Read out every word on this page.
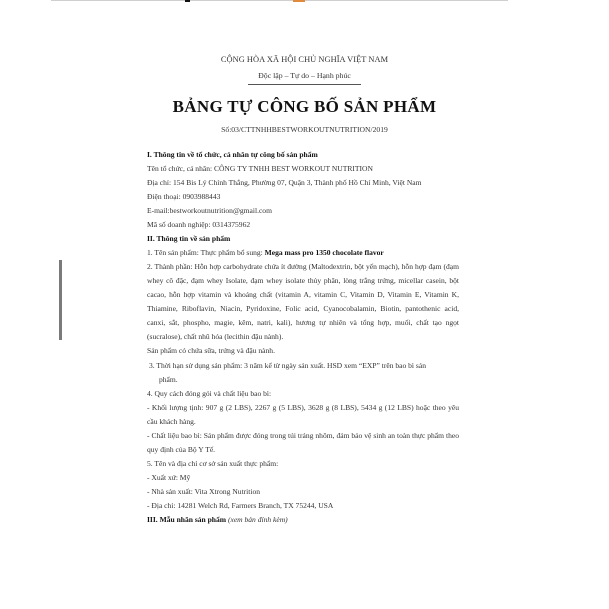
CỘNG HÒA XÃ HỘI CHỦ NGHĨA VIỆT NAM
Độc lập – Tự do – Hạnh phúc
BẢNG TỰ CÔNG BỐ SẢN PHẨM
Số:03/CTTNHHBESTWORKOUTNUTRITION/2019
I. Thông tin về tổ chức, cá nhân tự công bố sản phẩm
Tên tổ chức, cá nhân: CÔNG TY TNHH BEST WORKOUT NUTRITION
Địa chỉ: 154 Bis Lý Chính Thắng, Phường 07, Quận 3, Thành phố Hồ Chí Minh, Việt Nam
Điện thoại: 0903988443
E-mail:bestworkoutnutrition@gmail.com
Mã số doanh nghiệp: 0314375962
II. Thông tin về sản phẩm
1. Tên sản phẩm: Thực phẩm bổ sung: Mega mass pro 1350 chocolate flavor
2. Thành phần: Hỗn hợp carbohydrate chứa ít đường (Maltodextrin, bột yến mạch), hỗn hợp đạm (đạm whey cô đặc, đạm whey Isolate, đạm whey isolate thủy phân, lòng trắng trứng, micellar casein, bột cacao, hỗn hợp vitamin và khoáng chất (vitamin A, vitamin C, Vitamin D, Vitamin E, Vitamin K, Thiamine, Riboflavin, Niacin, Pyridoxine, Folic acid, Cyanocobalamin, Biotin, pantothenic acid, canxi, sắt, phospho, magie, kẽm, natri, kali), hương tự nhiên và tổng hợp, muối, chất tạo ngọt (sucralose), chất nhũ hóa (lecithin đậu nành).
Sản phẩm có chứa sữa, trứng và đậu nành.
3. Thời hạn sử dụng sản phẩm: 3 năm kể từ ngày sản xuất. HSD xem “EXP” trên bao bì sản
phẩm.
4. Quy cách đóng gói và chất liệu bao bì:
- Khối lượng tịnh: 907 g (2 LBS), 2267 g (5 LBS), 3628 g (8 LBS), 5434 g (12 LBS) hoặc theo yêu cầu khách hàng.
- Chất liệu bao bì: Sản phẩm được đóng trong túi tráng nhôm, đảm bảo vệ sinh an toàn thực phẩm theo quy định của Bộ Y Tế.
5. Tên và địa chỉ cơ sở sản xuất thực phẩm:
- Xuất xứ: Mỹ
- Nhà sản xuất: Vita Xtrong Nutrition
- Địa chỉ: 14281 Welch Rd, Farmers Branch, TX 75244, USA
III. Mẫu nhãn sản phẩm (xem bản đính kèm)
